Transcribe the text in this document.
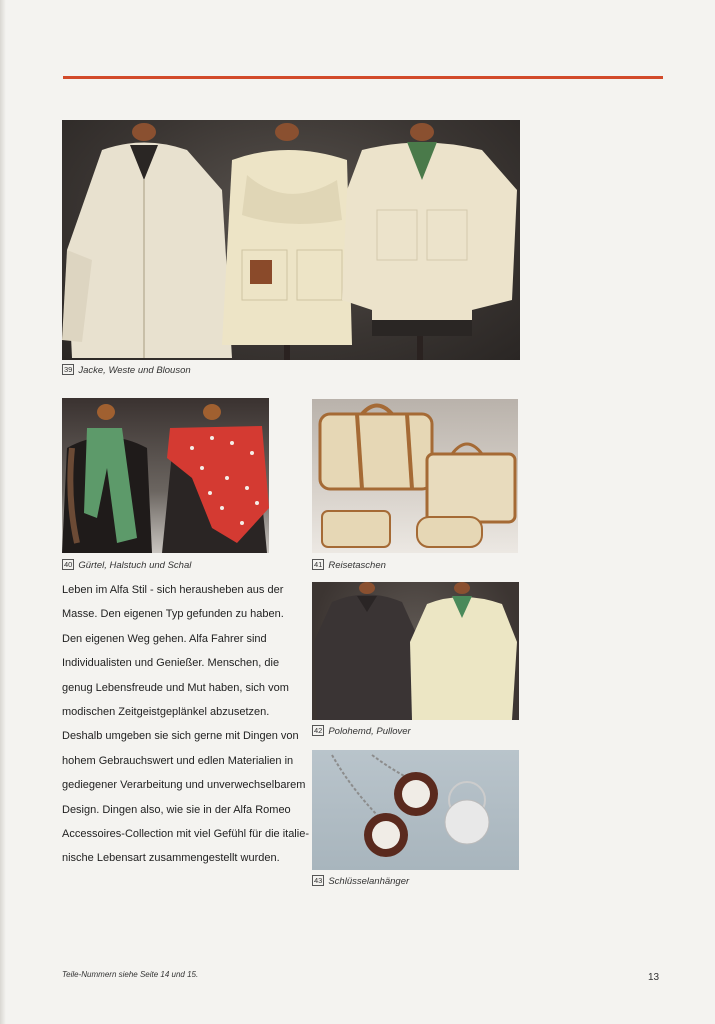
39 Jacke, Weste und Blouson
40 Gürtel, Halstuch und Schal	41 Reisetaschen
42 Polohemd, Pullover
43 Schlüsselanhänger
Leben im Alfa Stil - sich herausheben aus der
Masse. Den eigenen Typ gefunden zu haben.
Den eigenen Weg gehen. Alfa Fahrer sind
Individualisten und Genießer. Menschen, die
genug Lebensfreude und Mut haben, sich vom
modischen Zeitgeistgeplänkel abzusetzen.
Deshalb umgeben sie sich gerne mit Dingen von
hohem Gebrauchswert und edlen Materialien in
gediegener Verarbeitung und unverwechselbarem
Design. Dingen also, wie sie in der Alfa Romeo
Accessoires-Collection mit viel Gefühl für die italie-
nische Lebensart zusammengestellt wurden.
Teile-Nummern siehe Seite 14 und 15.	13
